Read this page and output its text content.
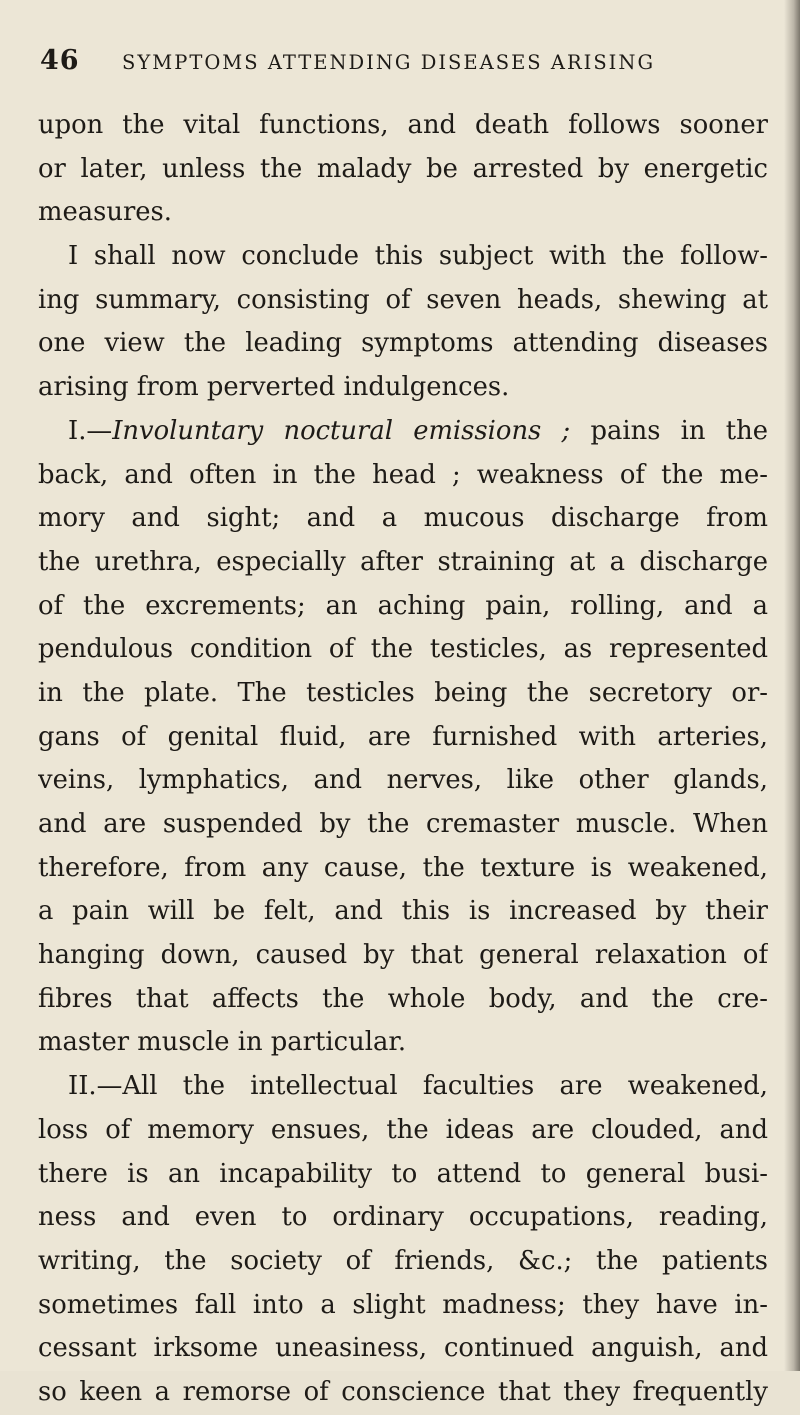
46 SYMPTOMS ATTENDING DISEASES ARISING
upon the vital functions, and death follows sooner
or later, unless the malady be arrested by energetic
measures.
I shall now conclude this subject with the follow-
ing summary, consisting of seven heads, shewing at
one view the leading symptoms attending diseases
arising from perverted indulgences.
I.—Involuntary noctural emissions ; pains in the
back, and often in the head ; weakness of the me-
mory and sight; and a mucous discharge from
the urethra, especially after straining at a discharge
of the excrements; an aching pain, rolling, and a
pendulous condition of the testicles, as represented
in the plate. The testicles being the secretory or-
gans of genital fluid, are furnished with arteries,
veins, lymphatics, and nerves, like other glands,
and are suspended by the cremaster muscle. When
therefore, from any cause, the texture is weakened,
a pain will be felt, and this is increased by their
hanging down, caused by that general relaxation of
fibres that affects the whole body, and the cre-
master muscle in particular.
II.—All the intellectual faculties are weakened,
loss of memory ensues, the ideas are clouded, and
there is an incapability to attend to general busi-
ness and even to ordinary occupations, reading,
writing, the society of friends, &c.; the patients
sometimes fall into a slight madness; they have in-
cessant irksome uneasiness, continued anguish, and
so keen a remorse of conscience that they frequently
